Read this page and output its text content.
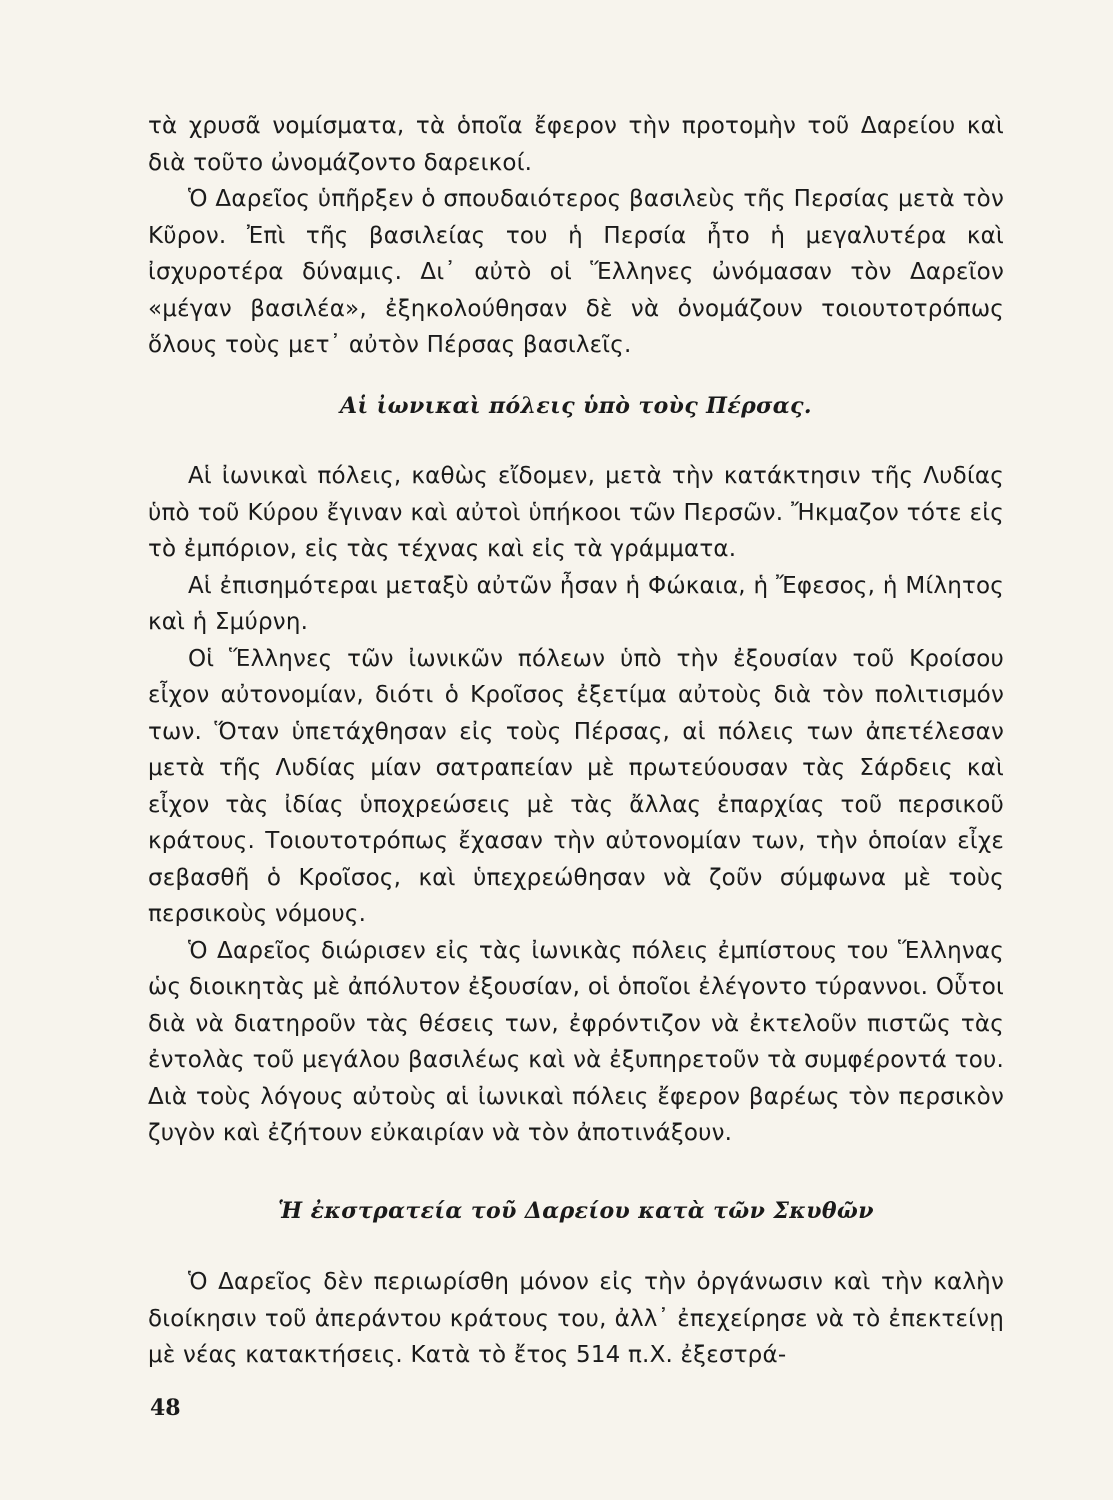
τὰ χρυσᾶ νομίσματα, τὰ ὁποῖα ἔφερον τὴν προτομὴν τοῦ Δαρείου καὶ διὰ τοῦτο ὠνομάζοντο δαρεικοί.

Ὁ Δαρεῖος ὑπῆρξεν ὁ σπουδαιότερος βασιλεὺς τῆς Περσίας μετὰ τὸν Κῦρον. Ἐπὶ τῆς βασιλείας του ἡ Περσία ἦτο ἡ μεγαλυτέρα καὶ ἰσχυροτέρα δύναμις. Δι᾽ αὐτὸ οἱ Ἕλληνες ὠνόμασαν τὸν Δαρεῖον «μέγαν βασιλέα», ἐξηκολούθησαν δὲ νὰ ὀνομάζουν τοιουτοτρόπως ὅλους τοὺς μετ᾽ αὐτὸν Πέρσας βασιλεῖς.

Αἱ ἰωνικαὶ πόλεις ὑπὸ τοὺς Πέρσας.

Αἱ ἰωνικαὶ πόλεις, καθὼς εἴδομεν, μετὰ τὴν κατάκτησιν τῆς Λυδίας ὑπὸ τοῦ Κύρου ἔγιναν καὶ αὐτοὶ ὑπήκοοι τῶν Περσῶν. Ἤκμαζον τότε εἰς τὸ ἐμπόριον, εἰς τὰς τέχνας καὶ εἰς τὰ γράμματα.

Αἱ ἐπισημότεραι μεταξὺ αὐτῶν ἦσαν ἡ Φώκαια, ἡ Ἔφεσος, ἡ Μίλητος καὶ ἡ Σμύρνη.

Οἱ Ἕλληνες τῶν ἰωνικῶν πόλεων ὑπὸ τὴν ἐξουσίαν τοῦ Κροίσου εἶχον αὐτονομίαν, διότι ὁ Κροῖσος ἐξετίμα αὐτοὺς διὰ τὸν πολιτισμόν των. Ὅταν ὑπετάχθησαν εἰς τοὺς Πέρσας, αἱ πόλεις των ἀπετέλεσαν μετὰ τῆς Λυδίας μίαν σατραπείαν μὲ πρωτεύουσαν τὰς Σάρδεις καὶ εἶχον τὰς ἰδίας ὑποχρεώσεις μὲ τὰς ἄλλας ἐπαρχίας τοῦ περσικοῦ κράτους. Τοιουτοτρόπως ἔχασαν τὴν αὐτονομίαν των, τὴν ὁποίαν εἶχε σεβασθῆ ὁ Κροῖσος, καὶ ὑπεχρεώθησαν νὰ ζοῦν σύμφωνα μὲ τοὺς περσικοὺς νόμους.

Ὁ Δαρεῖος διώρισεν εἰς τὰς ἰωνικὰς πόλεις ἐμπίστους του Ἕλληνας ὡς διοικητὰς μὲ ἀπόλυτον ἐξουσίαν, οἱ ὁποῖοι ἐλέγοντο τύραννοι. Οὗτοι διὰ νὰ διατηροῦν τὰς θέσεις των, ἐφρόντιζον νὰ ἐκτελοῦν πιστῶς τὰς ἐντολὰς τοῦ μεγάλου βασιλέως καὶ νὰ ἐξυπηρετοῦν τὰ συμφέροντά του. Διὰ τοὺς λόγους αὐτοὺς αἱ ἰωνικαὶ πόλεις ἔφερον βαρέως τὸν περσικὸν ζυγὸν καὶ ἐζήτουν εὐκαιρίαν νὰ τὸν ἀποτινάξουν.

Ἡ ἐκστρατεία τοῦ Δαρείου κατὰ τῶν Σκυθῶν

Ὁ Δαρεῖος δὲν περιωρίσθη μόνον εἰς τὴν ὀργάνωσιν καὶ τὴν καλὴν διοίκησιν τοῦ ἀπεράντου κράτους του, ἀλλ᾽ ἐπεχείρησε νὰ τὸ ἐπεκτείνῃ μὲ νέας κατακτήσεις. Κατὰ τὸ ἔτος 514 π.Χ. ἐξεστρά-

48
